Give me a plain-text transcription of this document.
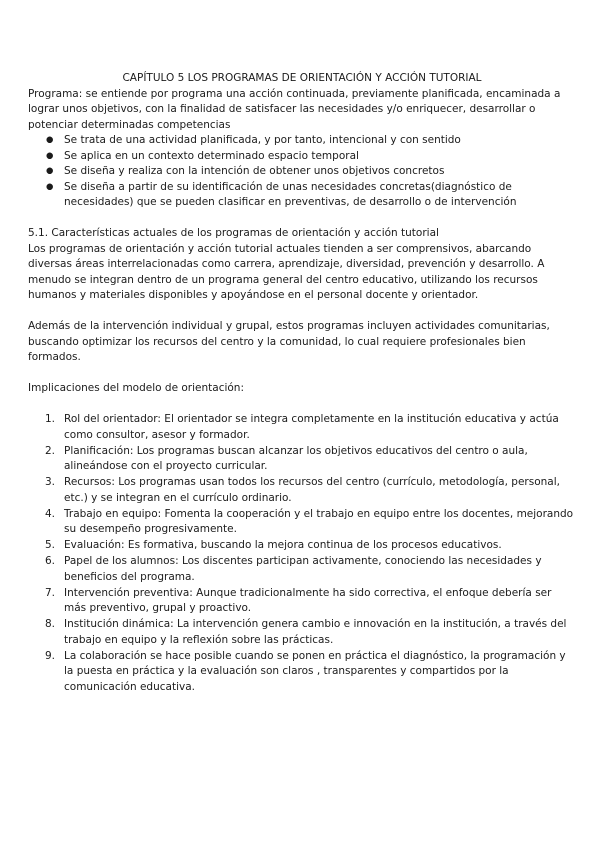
CAPÍTULO 5 LOS PROGRAMAS DE ORIENTACIÓN Y ACCIÓN TUTORIAL

Programa: se entiende por programa una acción continuada, previamente planificada, encaminada a lograr unos objetivos, con la finalidad de satisfacer las necesidades y/o enriquecer, desarrollar o potenciar determinadas competencias

● Se trata de una actividad planificada, y por tanto, intencional y con sentido
● Se aplica en un contexto determinado espacio temporal
● Se diseña y realiza con la intención de obtener unos objetivos concretos
● Se diseña a partir de su identificación de unas necesidades concretas(diagnóstico de necesidades) que se pueden clasificar en preventivas, de desarrollo o de intervención

5.1. Características actuales de los programas de orientación y acción tutorial

Los programas de orientación y acción tutorial actuales tienden a ser comprensivos, abarcando diversas áreas interrelacionadas como carrera, aprendizaje, diversidad, prevención y desarrollo. A menudo se integran dentro de un programa general del centro educativo, utilizando los recursos humanos y materiales disponibles y apoyándose en el personal docente y orientador.

Además de la intervención individual y grupal, estos programas incluyen actividades comunitarias, buscando optimizar los recursos del centro y la comunidad, lo cual requiere profesionales bien formados.

Implicaciones del modelo de orientación:

1. Rol del orientador: El orientador se integra completamente en la institución educativa y actúa como consultor, asesor y formador.
2. Planificación: Los programas buscan alcanzar los objetivos educativos del centro o aula, alineándose con el proyecto curricular.
3. Recursos: Los programas usan todos los recursos del centro (currículo, metodología, personal, etc.) y se integran en el currículo ordinario.
4. Trabajo en equipo: Fomenta la cooperación y el trabajo en equipo entre los docentes, mejorando su desempeño progresivamente.
5. Evaluación: Es formativa, buscando la mejora continua de los procesos educativos.
6. Papel de los alumnos: Los discentes participan activamente, conociendo las necesidades y beneficios del programa.
7. Intervención preventiva: Aunque tradicionalmente ha sido correctiva, el enfoque debería ser más preventivo, grupal y proactivo.
8. Institución dinámica: La intervención genera cambio e innovación en la institución, a través del trabajo en equipo y la reflexión sobre las prácticas.
9. La colaboración se hace posible cuando se ponen en práctica el diagnóstico, la programación y la puesta en práctica y la evaluación son claros , transparentes y compartidos por la comunicación educativa.
